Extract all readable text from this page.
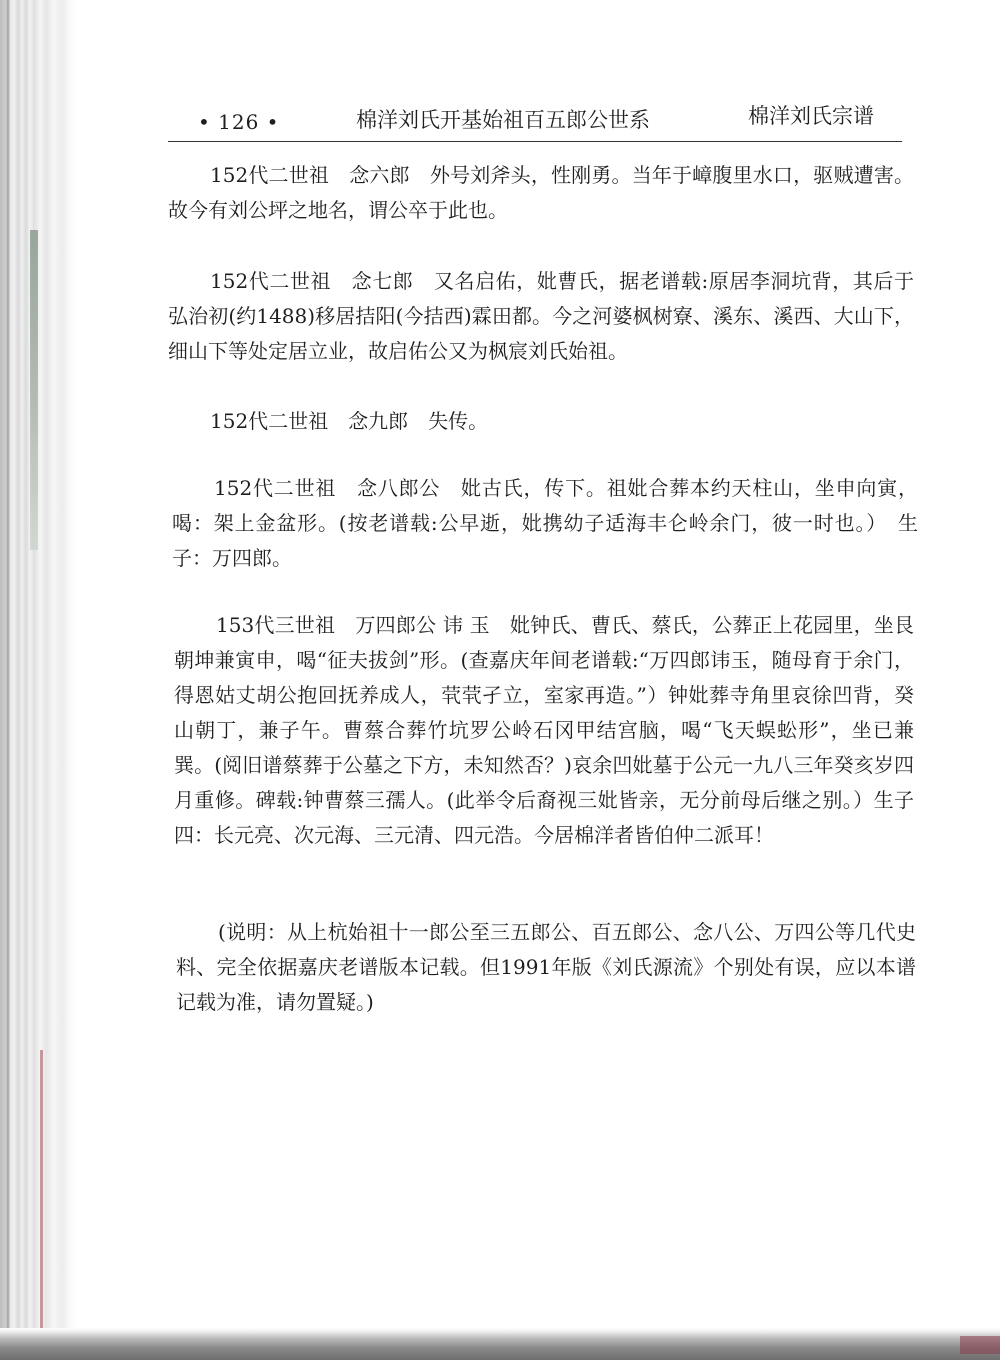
• 126 •	棉洋刘氏开基始祖百五郎公世系	棉洋刘氏宗谱

152代二世祖　念六郎　外号刘斧头，性刚勇。当年于嶂腹里水口，驱贼遭害。故今有刘公坪之地名，谓公卒于此也。

152代二世祖　念七郎　又名启佑，妣曹氏，据老谱载:原居李洞坑背，其后于弘治初(约1488)移居拮阳(今拮西)霖田都。今之河婆枫树寮、溪东、溪西、大山下，细山下等处定居立业，故启佑公又为枫宸刘氏始祖。

152代二世祖　念九郎　失传。

152代二世祖　念八郎公　妣古氏，传下。祖妣合葬本约天柱山，坐申向寅，喝：架上金盆形。(按老谱载:公早逝，妣携幼子适海丰仑岭余门，彼一时也。）　生子：万四郎。

153代三世祖　万四郎公 讳 玉　妣钟氏、曹氏、蔡氏，公葬正上花园里，坐艮朝坤兼寅申，喝“征夫拔剑”形。(查嘉庆年间老谱载:“万四郎讳玉，随母育于余门，得恩姑丈胡公抱回抚养成人，茕茕孑立，室家再造。”）钟妣葬寺角里哀徐凹背，癸山朝丁，兼子午。曹蔡合葬竹坑罗公岭石冈甲结宫脑，喝“飞天蜈蚣形”，坐已兼巽。(阅旧谱蔡葬于公墓之下方，未知然否？)哀余凹妣墓于公元一九八三年癸亥岁四月重修。碑载:钟曹蔡三孺人。(此举令后裔视三妣皆亲，无分前母后继之别。）生子四：长元亮、次元海、三元清、四元浩。今居棉洋者皆伯仲二派耳！

(说明：从上杭始祖十一郎公至三五郎公、百五郎公、念八公、万四公等几代史料、完全依据嘉庆老谱版本记载。但1991年版《刘氏源流》个别处有误，应以本谱记载为准，请勿置疑。)
